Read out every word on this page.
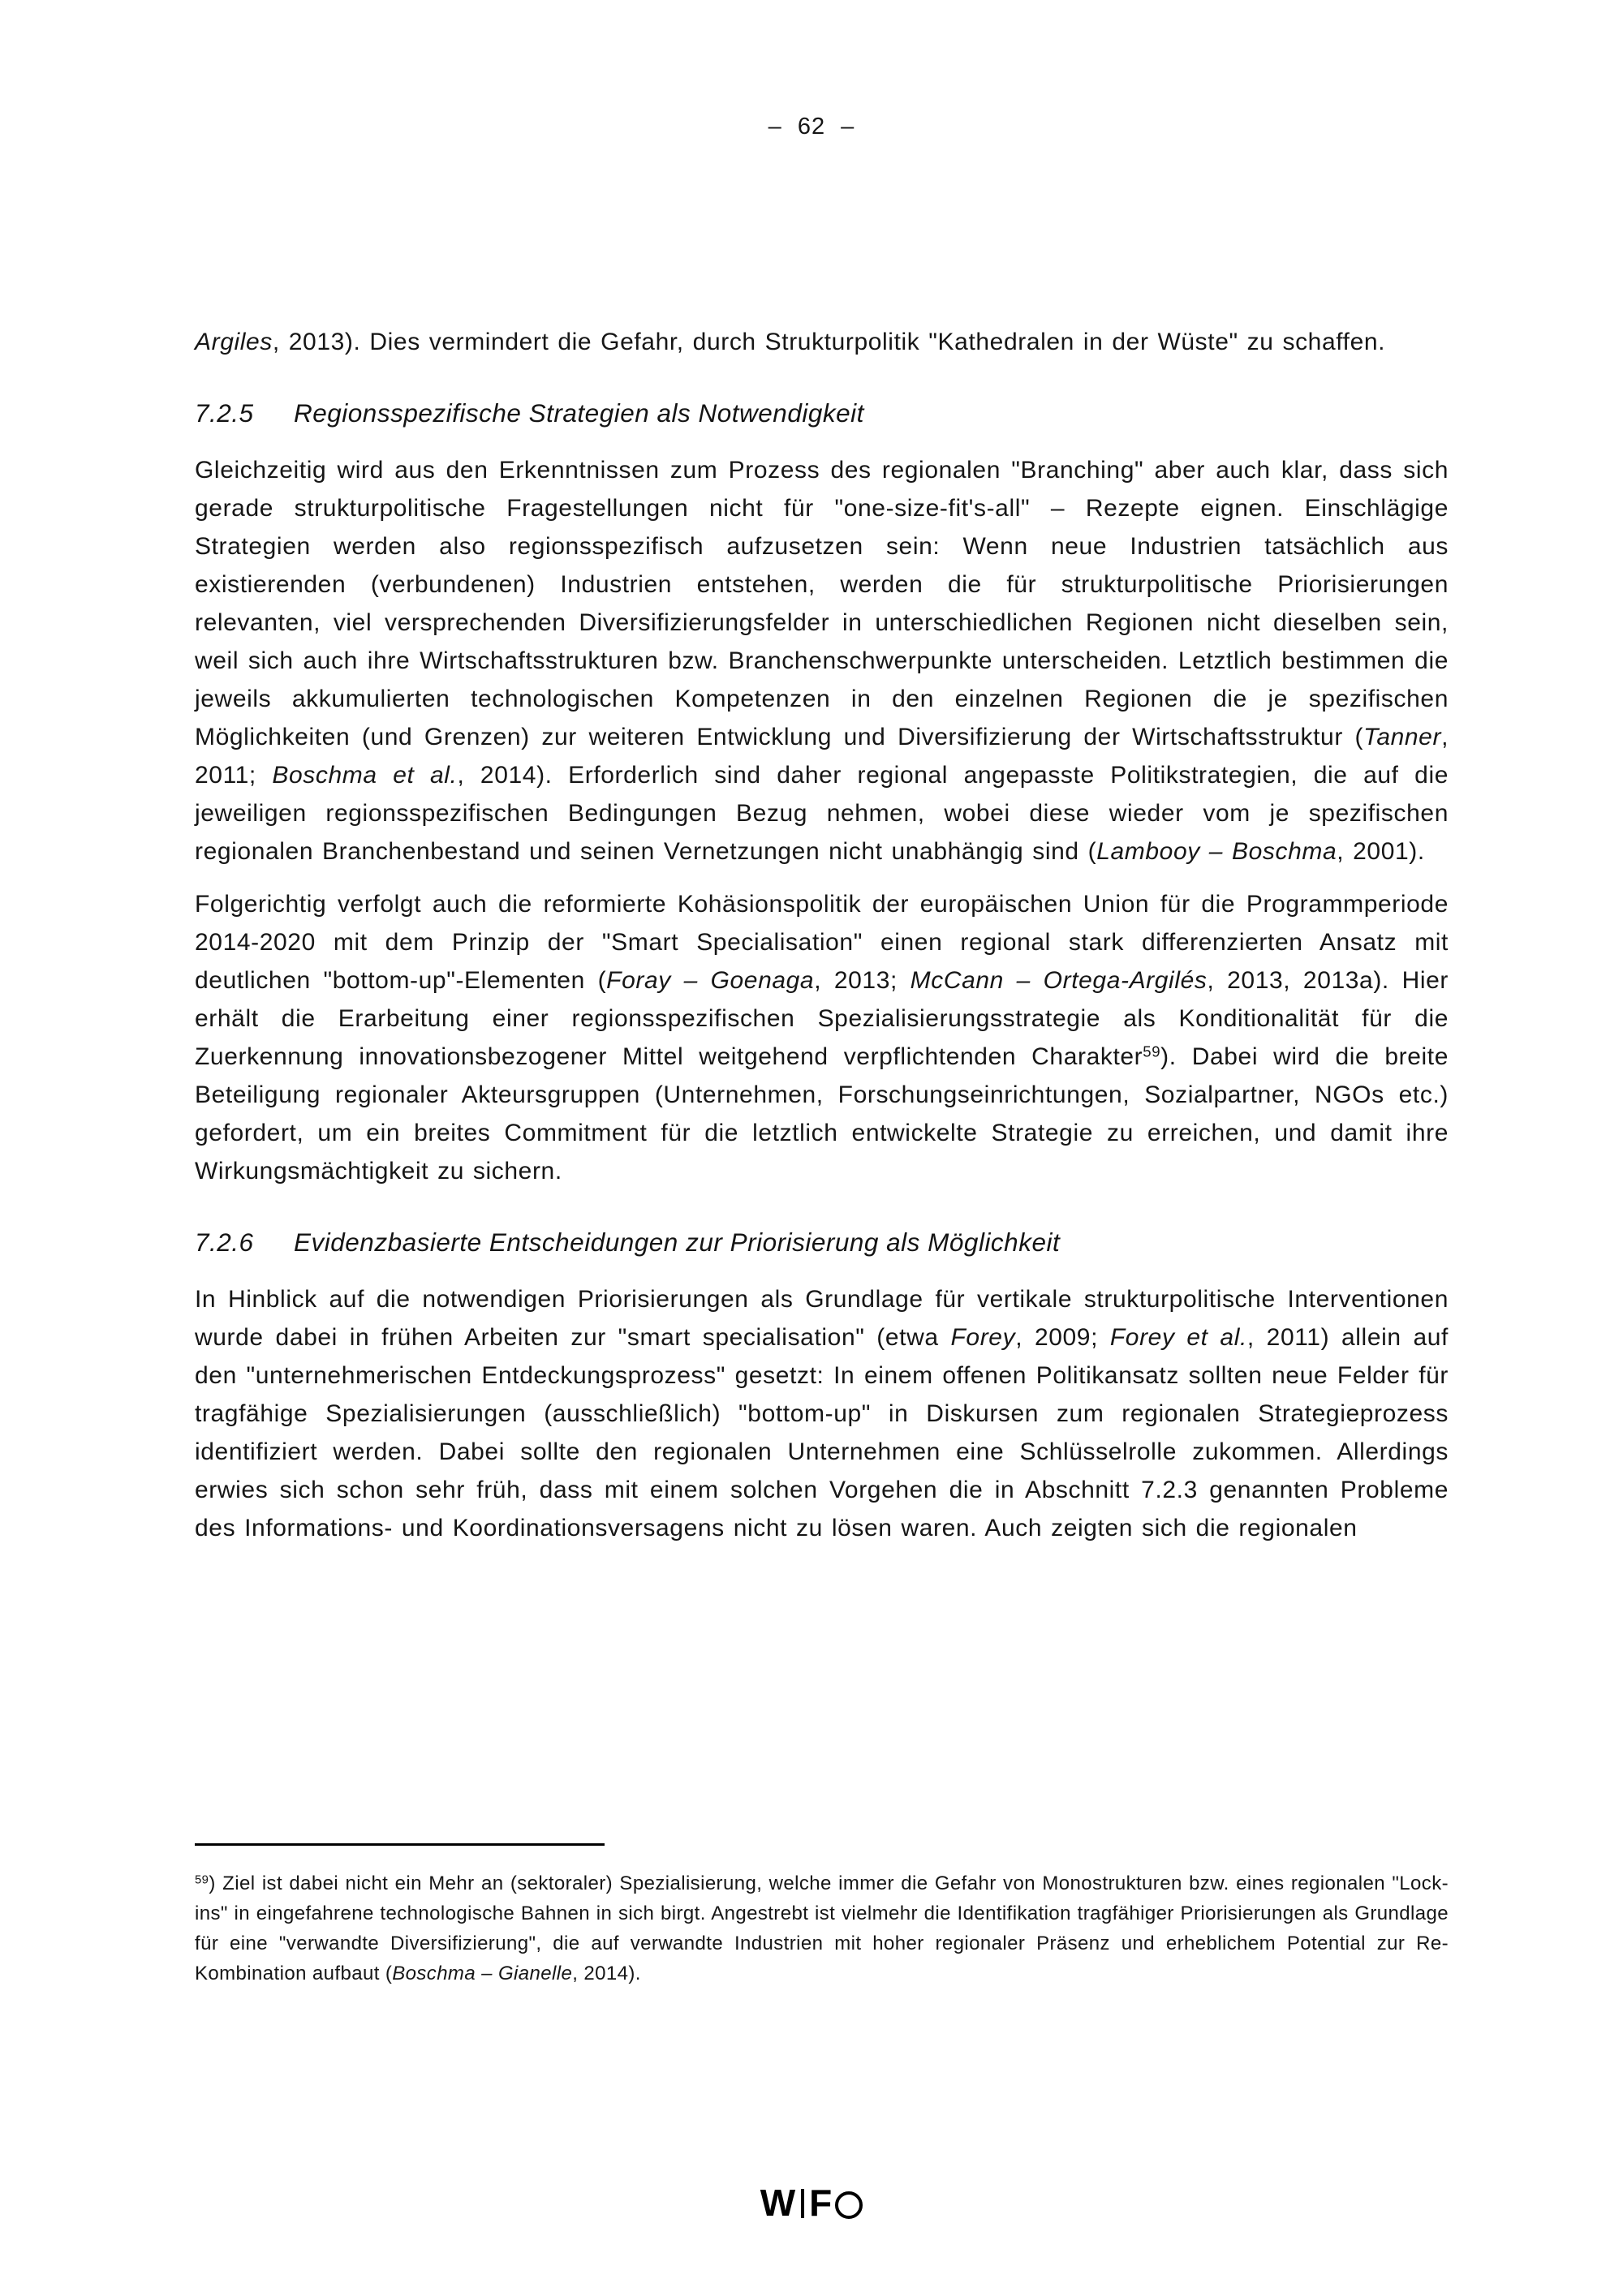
– 62 –

Argiles, 2013). Dies vermindert die Gefahr, durch Strukturpolitik "Kathedralen in der Wüste" zu schaffen.

7.2.5 Regionsspezifische Strategien als Notwendigkeit

Gleichzeitig wird aus den Erkenntnissen zum Prozess des regionalen "Branching" aber auch klar, dass sich gerade strukturpolitische Fragestellungen nicht für "one-size-fit's-all" – Rezepte eignen. Einschlägige Strategien werden also regionsspezifisch aufzusetzen sein: Wenn neue Industrien tatsächlich aus existierenden (verbundenen) Industrien entstehen, werden die für strukturpolitische Priorisierungen relevanten, viel versprechenden Diversifizierungsfelder in unterschiedlichen Regionen nicht dieselben sein, weil sich auch ihre Wirtschaftsstrukturen bzw. Branchenschwerpunkte unterscheiden. Letztlich bestimmen die jeweils akkumulierten technologischen Kompetenzen in den einzelnen Regionen die je spezifischen Möglichkeiten (und Grenzen) zur weiteren Entwicklung und Diversifizierung der Wirtschaftsstruktur (Tanner, 2011; Boschma et al., 2014). Erforderlich sind daher regional angepasste Politikstrategien, die auf die jeweiligen regionsspezifischen Bedingungen Bezug nehmen, wobei diese wieder vom je spezifischen regionalen Branchenbestand und seinen Vernetzungen nicht unabhängig sind (Lambooy – Boschma, 2001).

Folgerichtig verfolgt auch die reformierte Kohäsionspolitik der europäischen Union für die Programmperiode 2014-2020 mit dem Prinzip der "Smart Specialisation" einen regional stark differenzierten Ansatz mit deutlichen "bottom-up"-Elementen (Foray – Goenaga, 2013; McCann – Ortega-Argilés, 2013, 2013a). Hier erhält die Erarbeitung einer regionsspezifischen Spezialisierungsstrategie als Konditionalität für die Zuerkennung innovationsbezogener Mittel weitgehend verpflichtenden Charakter$^{59}$). Dabei wird die breite Beteiligung regionaler Akteursgruppen (Unternehmen, Forschungseinrichtungen, Sozialpartner, NGOs etc.) gefordert, um ein breites Commitment für die letztlich entwickelte Strategie zu erreichen, und damit ihre Wirkungsmächtigkeit zu sichern.

7.2.6 Evidenzbasierte Entscheidungen zur Priorisierung als Möglichkeit

In Hinblick auf die notwendigen Priorisierungen als Grundlage für vertikale strukturpolitische Interventionen wurde dabei in frühen Arbeiten zur "smart specialisation" (etwa Forey, 2009; Forey et al., 2011) allein auf den "unternehmerischen Entdeckungsprozess" gesetzt: In einem offenen Politikansatz sollten neue Felder für tragfähige Spezialisierungen (ausschließlich) "bottom-up" in Diskursen zum regionalen Strategieprozess identifiziert werden. Dabei sollte den regionalen Unternehmen eine Schlüsselrolle zukommen. Allerdings erwies sich schon sehr früh, dass mit einem solchen Vorgehen die in Abschnitt 7.2.3 genannten Probleme des Informations- und Koordinationsversagens nicht zu lösen waren. Auch zeigten sich die regionalen

$^{59}$) Ziel ist dabei nicht ein Mehr an (sektoraler) Spezialisierung, welche immer die Gefahr von Monostrukturen bzw. eines regionalen "Lock-ins" in eingefahrene technologische Bahnen in sich birgt. Angestrebt ist vielmehr die Identifikation tragfähiger Priorisierungen als Grundlage für eine "verwandte Diversifizierung", die auf verwandte Industrien mit hoher regionaler Präsenz und erheblichem Potential zur Re-Kombination aufbaut (Boschma – Gianelle, 2014).

W F
